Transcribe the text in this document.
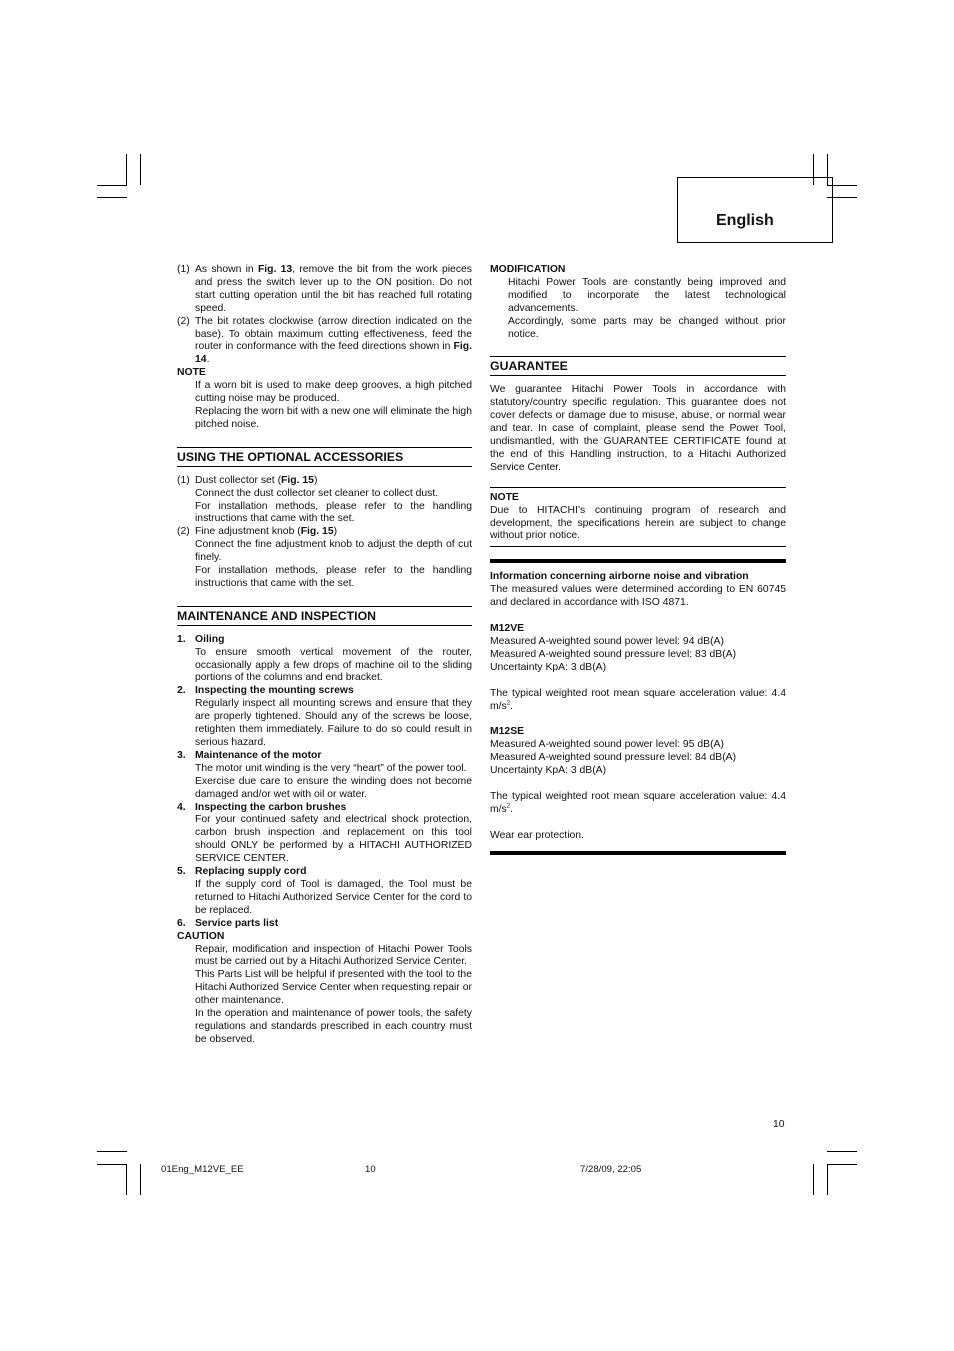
English
(1) As shown in Fig. 13, remove the bit from the work pieces and press the switch lever up to the ON position. Do not start cutting operation until the bit has reached full rotating speed.

(2) The bit rotates clockwise (arrow direction indicated on the base). To obtain maximum cutting effectiveness, feed the router in conformance with the feed directions shown in Fig. 14.

NOTE

If a worn bit is used to make deep grooves, a high pitched cutting noise may be produced.

Replacing the worn bit with a new one will eliminate the high pitched noise.

USING THE OPTIONAL ACCESSORIES

(1) Dust collector set (Fig. 15)

Connect the dust collector set cleaner to collect dust.

For installation methods, please refer to the handling instructions that came with the set.

(2) Fine adjustment knob (Fig. 15)

Connect the fine adjustment knob to adjust the depth of cut finely.

For installation methods, please refer to the handling instructions that came with the set.

MAINTENANCE AND INSPECTION

1. Oiling

To ensure smooth vertical movement of the router, occasionally apply a few drops of machine oil to the sliding portions of the columns and end bracket.

2. Inspecting the mounting screws

Regularly inspect all mounting screws and ensure that they are properly tightened. Should any of the screws be loose, retighten them immediately. Failure to do so could result in serious hazard.

3. Maintenance of the motor

The motor unit winding is the very “heart” of the power tool.

Exercise due care to ensure the winding does not become damaged and/or wet with oil or water.

4. Inspecting the carbon brushes

For your continued safety and electrical shock protection, carbon brush inspection and replacement on this tool should ONLY be performed by a HITACHI AUTHORIZED SERVICE CENTER.

5. Replacing supply cord

If the supply cord of Tool is damaged, the Tool must be returned to Hitachi Authorized Service Center for the cord to be replaced.

6. Service parts list

CAUTION

Repair, modification and inspection of Hitachi Power Tools must be carried out by a Hitachi Authorized Service Center.

This Parts List will be helpful if presented with the tool to the Hitachi Authorized Service Center when requesting repair or other maintenance.

In the operation and maintenance of power tools, the safety regulations and standards prescribed in each country must be observed.

MODIFICATION

Hitachi Power Tools are constantly being improved and modified to incorporate the latest technological advancements.

Accordingly, some parts may be changed without prior notice.

GUARANTEE

We guarantee Hitachi Power Tools in accordance with statutory/country specific regulation. This guarantee does not cover defects or damage due to misuse, abuse, or normal wear and tear. In case of complaint, please send the Power Tool, undismantled, with the GUARANTEE CERTIFICATE found at the end of this Handling instruction, to a Hitachi Authorized Service Center.

NOTE

Due to HITACHI’s continuing program of research and development, the specifications herein are subject to change without prior notice.

Information concerning airborne noise and vibration

The measured values were determined according to EN 60745 and declared in accordance with ISO 4871.

M12VE

Measured A-weighted sound power level: 94 dB(A)

Measured A-weighted sound pressure level: 83 dB(A)

Uncertainty KpA: 3 dB(A)

The typical weighted root mean square acceleration value: 4.4 $m/s^2$.

M12SE

Measured A-weighted sound power level: 95 dB(A)

Measured A-weighted sound pressure level: 84 dB(A)

Uncertainty KpA: 3 dB(A)

The typical weighted root mean square acceleration value: 4.4 $m/s^2$.

Wear ear protection.

10
01Eng_M12VE_EE	10	7/28/09, 22:05
